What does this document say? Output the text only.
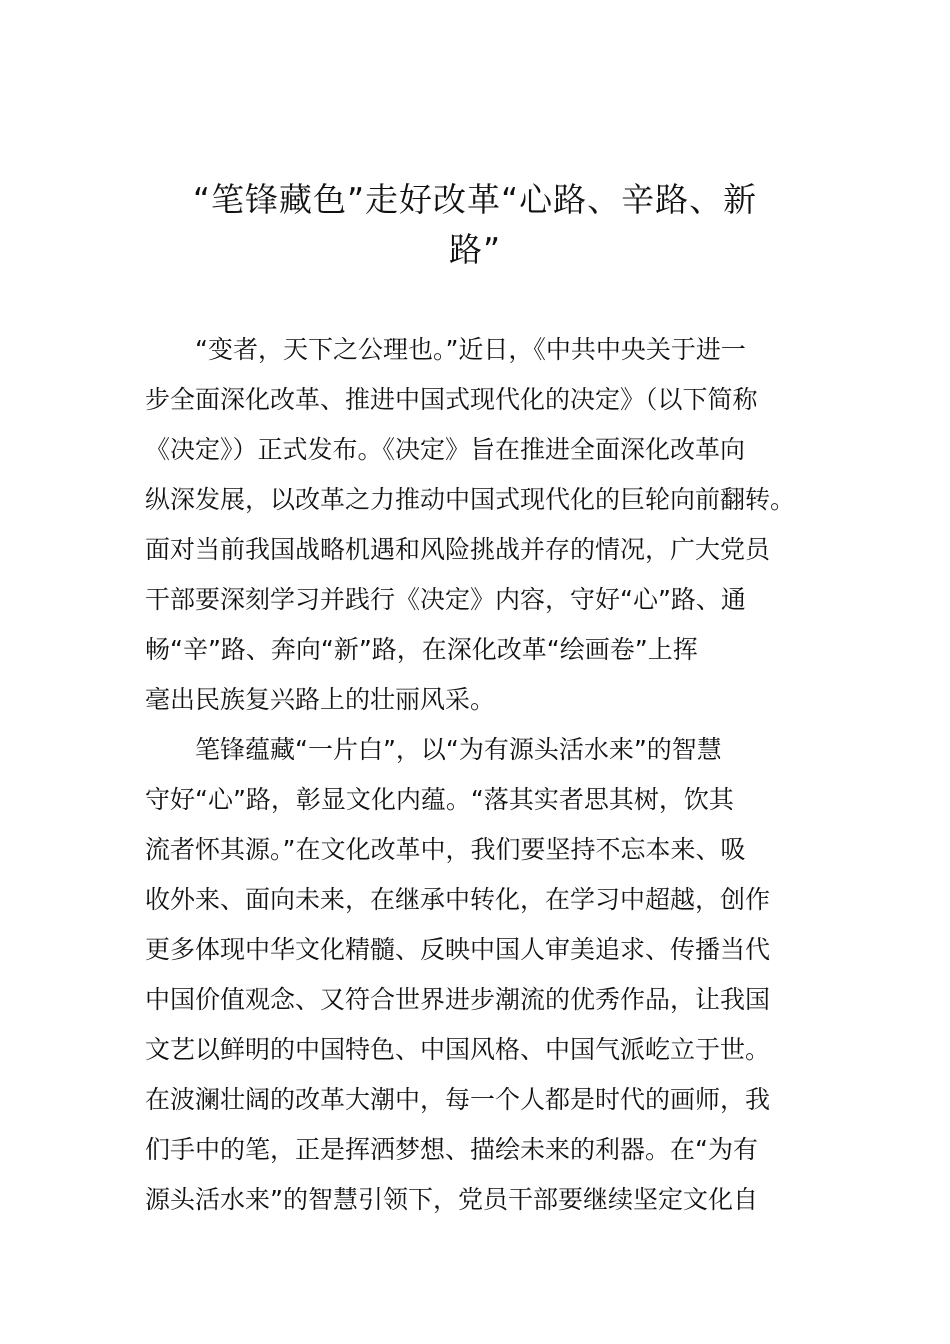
“笔锋藏色”走好改革“心路、辛路、新
路”
“变者，天下之公理也。”近日，《中共中央关于进一
步全面深化改革、推进中国式现代化的决定》（以下简称
《决定》）正式发布。《决定》旨在推进全面深化改革向
纵深发展，以改革之力推动中国式现代化的巨轮向前翻转。
面对当前我国战略机遇和风险挑战并存的情况，广大党员
干部要深刻学习并践行《决定》内容，守好“心”路、通
畅“辛”路、奔向“新”路，在深化改革“绘画卷”上挥
毫出民族复兴路上的壮丽风采。
笔锋蕴藏“一片白”，以“为有源头活水来”的智慧
守好“心”路，彰显文化内蕴。“落其实者思其树，饮其
流者怀其源。”在文化改革中，我们要坚持不忘本来、吸
收外来、面向未来，在继承中转化，在学习中超越，创作
更多体现中华文化精髓、反映中国人审美追求、传播当代
中国价值观念、又符合世界进步潮流的优秀作品，让我国
文艺以鲜明的中国特色、中国风格、中国气派屹立于世。
在波澜壮阔的改革大潮中，每一个人都是时代的画师，我
们手中的笔，正是挥洒梦想、描绘未来的利器。在“为有
源头活水来”的智慧引领下，党员干部要继续坚定文化自
